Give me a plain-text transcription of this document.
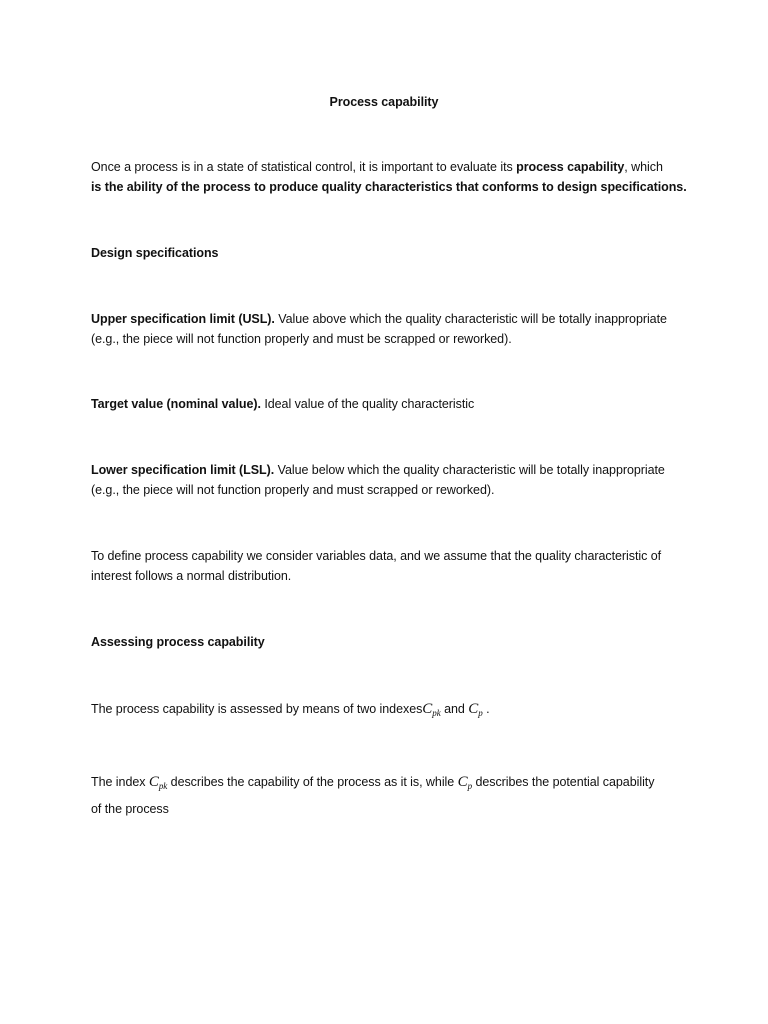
Process capability
Once a process is in a state of statistical control, it is important to evaluate its process capability, which
is the ability of the process to produce quality characteristics that conforms to design specifications.
Design specifications
Upper specification limit (USL). Value above which the quality characteristic will be totally inappropriate
(e.g., the piece will not function properly and must be scrapped or reworked).
Target value (nominal value). Ideal value of the quality characteristic
Lower specification limit (LSL). Value below which the quality characteristic will be totally inappropriate
(e.g., the piece will not function properly and must scrapped or reworked).
To define process capability we consider variables data, and we assume that the quality characteristic of
interest follows a normal distribution.
Assessing process capability
The process capability is assessed by means of two indexesC$_{pk}$ and $C_p$ .
The index $C_{pk}$ describes the capability of the process as it is, while $C_p$ describes the potential capability
of the process
